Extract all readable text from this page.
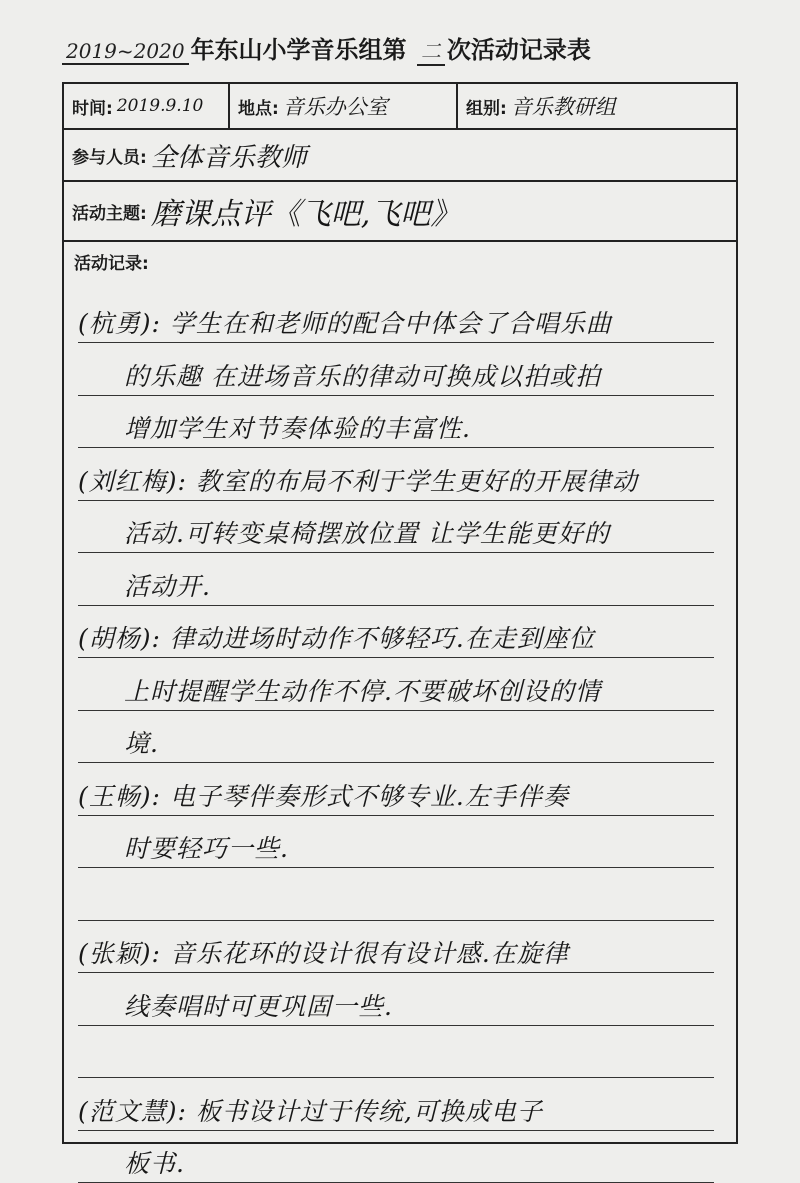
2019~2020 年东山小学音乐组第 二 次活动记录表
时间: 2019.9.10 地点: 音乐办公室	组别: 音乐教研组
参与人员: 全体音乐教师
活动主题: 磨课点评《飞吧,飞吧》
活动记录:
(杭勇): 学生在和老师的配合中体会了合唱乐曲
的乐趣 在进场音乐的律动可换成以拍或拍
增加学生对节奏体验的丰富性.
(刘红梅): 教室的布局不利于学生更好的开展律动
活动.可转变桌椅摆放位置 让学生能更好的
活动开.
(胡杨): 律动进场时动作不够轻巧.在走到座位
上时提醒学生动作不停.不要破坏创设的情
境.
(王畅): 电子琴伴奏形式不够专业.左手伴奏
时要轻巧一些.
(张颖): 音乐花环的设计很有设计感.在旋律
线奏唱时可更巩固一些.
(范文慧): 板书设计过于传统,可换成电子
板书.
